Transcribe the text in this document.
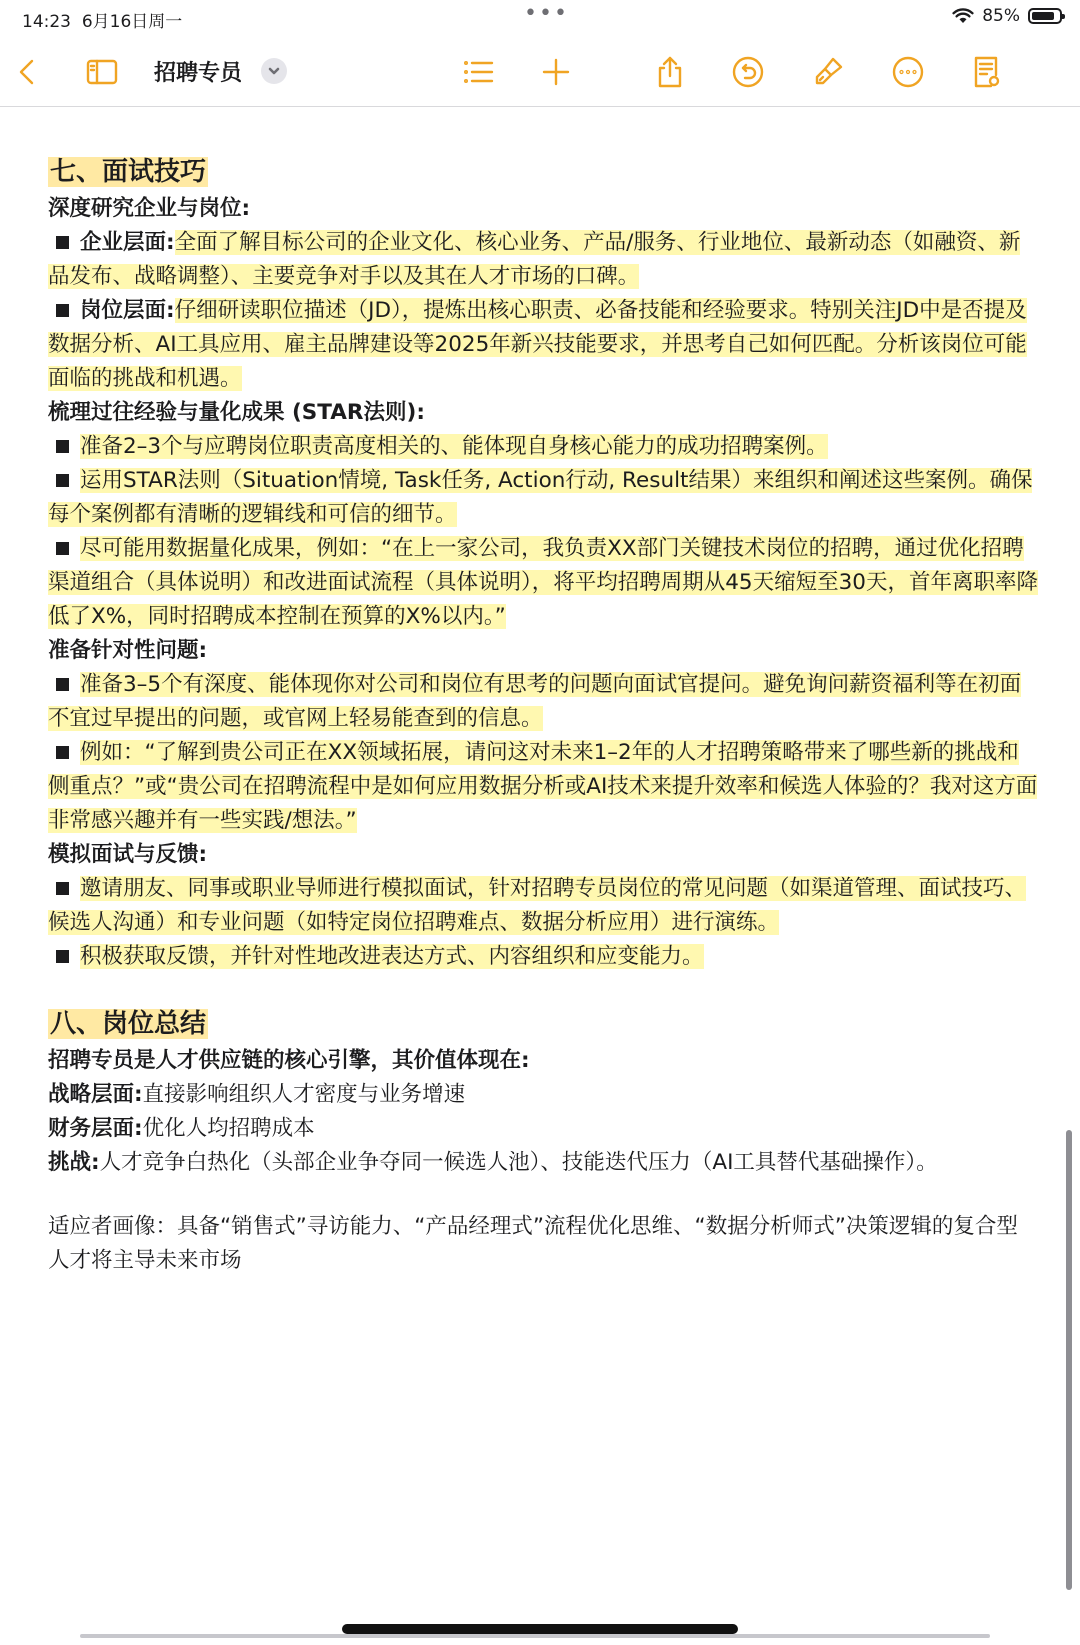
14:23 6月16日周一	•••	85%
招聘专员
七、面试技巧
深度研究企业与岗位:
企业层面:全面了解目标公司的企业文化、核心业务、产品/服务、行业地位、最新动态（如融资、新品发布、战略调整）、主要竞争对手以及其在人才市场的口碑。
岗位层面:仔细研读职位描述（JD），提炼出核心职责、必备技能和经验要求。特别关注JD中是否提及数据分析、AI工具应用、雇主品牌建设等2025年新兴技能要求，并思考自己如何匹配。分析该岗位可能面临的挑战和机遇。
梳理过往经验与量化成果 (STAR法则):
准备2–3个与应聘岗位职责高度相关的、能体现自身核心能力的成功招聘案例。
运用STAR法则（Situation情境, Task任务, Action行动, Result结果）来组织和阐述这些案例。确保每个案例都有清晰的逻辑线和可信的细节。
尽可能用数据量化成果，例如：“在上一家公司，我负责XX部门关键技术岗位的招聘，通过优化招聘渠道组合（具体说明）和改进面试流程（具体说明），将平均招聘周期从45天缩短至30天，首年离职率降低了X%，同时招聘成本控制在预算的X%以内。”
准备针对性问题:
准备3–5个有深度、能体现你对公司和岗位有思考的问题向面试官提问。避免询问薪资福利等在初面不宜过早提出的问题，或官网上轻易能查到的信息。
例如：“了解到贵公司正在XX领域拓展，请问这对未来1–2年的人才招聘策略带来了哪些新的挑战和侧重点？”或“贵公司在招聘流程中是如何应用数据分析或AI技术来提升效率和候选人体验的？我对这方面非常感兴趣并有一些实践/想法。”
模拟面试与反馈:
邀请朋友、同事或职业导师进行模拟面试，针对招聘专员岗位的常见问题（如渠道管理、面试技巧、候选人沟通）和专业问题（如特定岗位招聘难点、数据分析应用）进行演练。
积极获取反馈，并针对性地改进表达方式、内容组织和应变能力。
八、岗位总结
招聘专员是人才供应链的核心引擎，其价值体现在:
战略层面:直接影响组织人才密度与业务增速
财务层面:优化人均招聘成本
挑战:人才竞争白热化（头部企业争夺同一候选人池）、技能迭代压力（AI工具替代基础操作）。
适应者画像：具备“销售式”寻访能力、“产品经理式”流程优化思维、“数据分析师式”决策逻辑的复合型人才将主导未来市场
